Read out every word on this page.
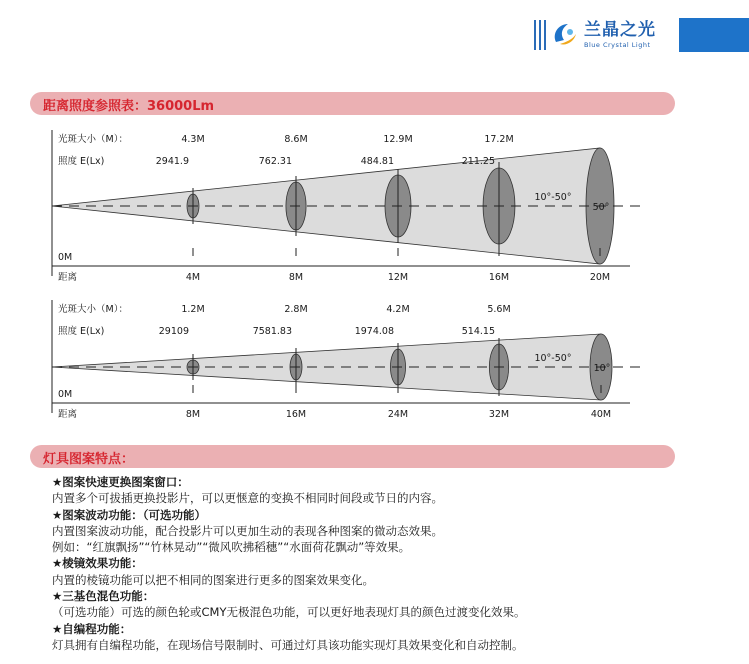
兰晶之光
Blue Crystal Light
距离照度参照表：36000Lm
光斑大小（M）：
照度 E(Lx)
0M
距离
4.3M
2941.9
4M
8.6M
762.31
8M
12.9M
484.81
12M
17.2M
211.25
16M	20M
10°-50°
50°
光斑大小（M）：
照度 E(Lx)
0M
距离
1.2M
29109
8M
2.8M
7581.83
16M
4.2M
1974.08
24M
5.6M
514.15
32M	40M
10°-50°
10°
灯具图案特点：
★图案快速更换图案窗口：
内置多个可拔插更换投影片，可以更惬意的变换不相同时间段或节日的内容。
★图案波动功能：（可选功能）
内置图案波动功能，配合投影片可以更加生动的表现各种图案的微动态效果。
例如：“红旗飘扬”“竹林晃动”“微风吹拂稻穗”“水面荷花飘动”等效果。
★棱镜效果功能：
内置的棱镜功能可以把不相同的图案进行更多的图案效果变化。
★三基色混色功能：
（可选功能）可选的颜色轮或CMY无极混色功能，可以更好地表现灯具的颜色过渡变化效果。
★自编程功能：
灯具拥有自编程功能，在现场信号限制时、可通过灯具该功能实现灯具效果变化和自动控制。
